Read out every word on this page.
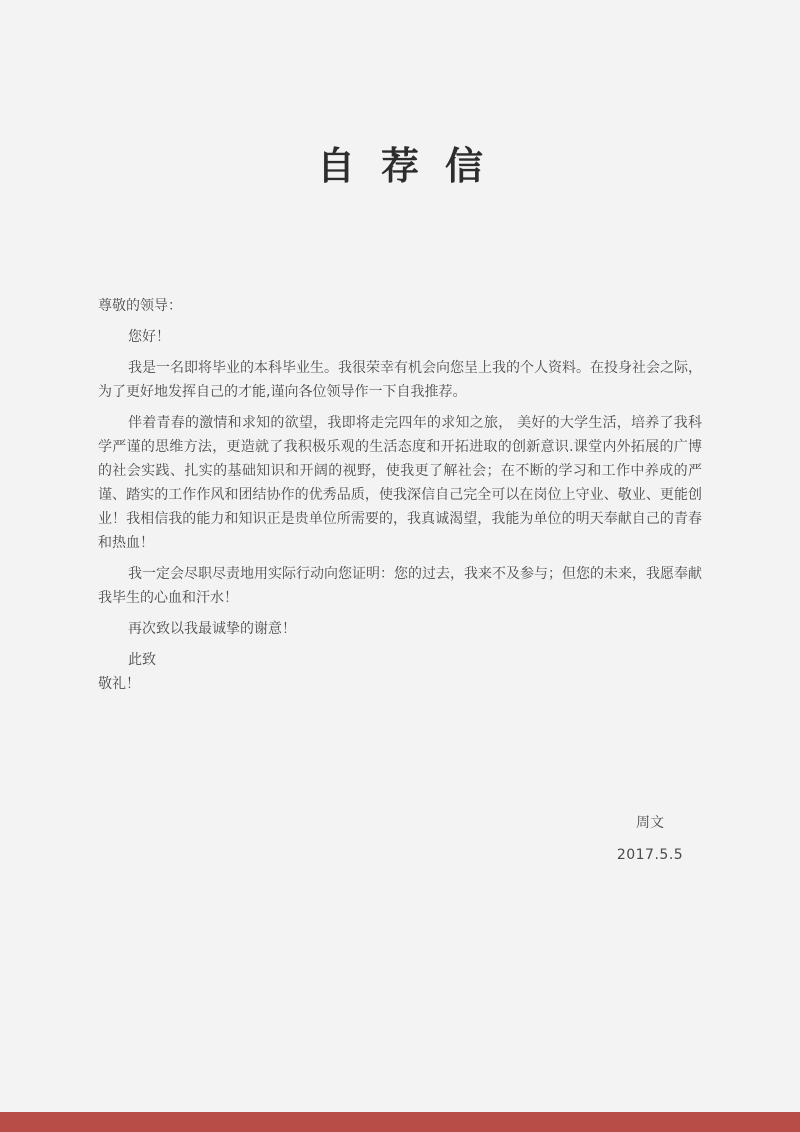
自荐信

尊敬的领导：

您好！

我是一名即将毕业的本科毕业生。我很荣幸有机会向您呈上我的个人资料。在投身社会之际，为了更好地发挥自己的才能,谨向各位领导作一下自我推荐。

伴着青春的激情和求知的欲望，我即将走完四年的求知之旅， 美好的大学生活，培养了我科学严谨的思维方法，更造就了我积极乐观的生活态度和开拓进取的创新意识.课堂内外拓展的广博的社会实践、扎实的基础知识和开阔的视野，使我更了解社会；在不断的学习和工作中养成的严谨、踏实的工作作风和团结协作的优秀品质，使我深信自己完全可以在岗位上守业、敬业、更能创业！我相信我的能力和知识正是贵单位所需要的，我真诚渴望，我能为单位的明天奉献自己的青春和热血！

我一定会尽职尽责地用实际行动向您证明：您的过去，我来不及参与；但您的未来，我愿奉献我毕生的心血和汗水！

再次致以我最诚挚的谢意！

此致

敬礼！

周文
2017.5.5
